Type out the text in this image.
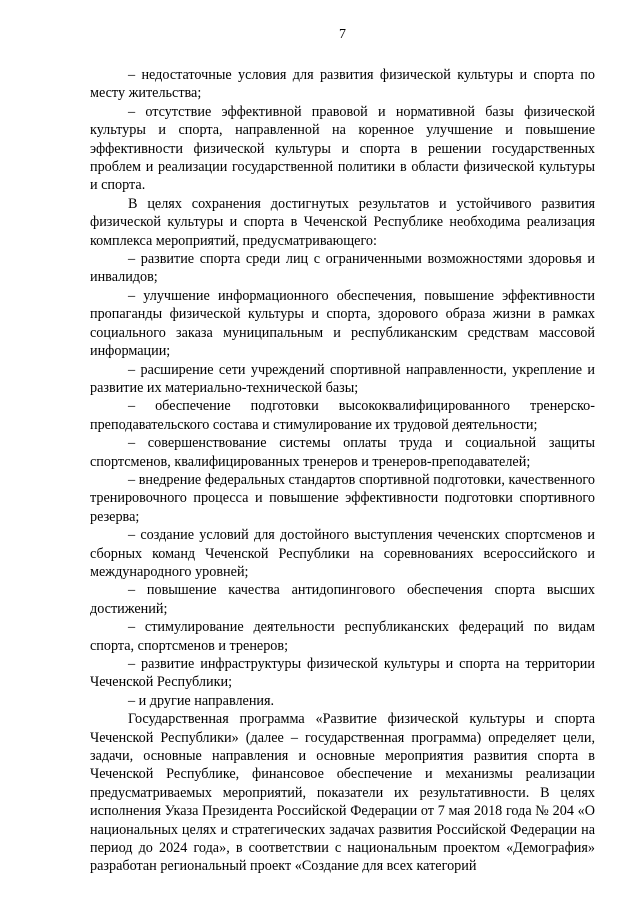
7

– недостаточные условия для развития физической культуры и спорта по месту жительства;

– отсутствие эффективной правовой и нормативной базы физической культуры и спорта, направленной на коренное улучшение и повышение эффективности физической культуры и спорта в решении государственных проблем и реализации государственной политики в области физической культуры и спорта.

В целях сохранения достигнутых результатов и устойчивого развития физической культуры и спорта в Чеченской Республике необходима реализация комплекса мероприятий, предусматривающего:

– развитие спорта среди лиц с ограниченными возможностями здоровья и инвалидов;

– улучшение информационного обеспечения, повышение эффективности пропаганды физической культуры и спорта, здорового образа жизни в рамках социального заказа муниципальным и республиканским средствам массовой информации;

– расширение сети учреждений спортивной направленности, укрепление и развитие их материально-технической базы;

– обеспечение подготовки высококвалифицированного тренерско-преподавательского состава и стимулирование их трудовой деятельности;

– совершенствование системы оплаты труда и социальной защиты спортсменов, квалифицированных тренеров и тренеров-преподавателей;

– внедрение федеральных стандартов спортивной подготовки, качественного тренировочного процесса и повышение эффективности подготовки спортивного резерва;

– создание условий для достойного выступления чеченских спортсменов и сборных команд Чеченской Республики на соревнованиях всероссийского и международного уровней;

– повышение качества антидопингового обеспечения спорта высших достижений;

– стимулирование деятельности республиканских федераций по видам спорта, спортсменов и тренеров;

– развитие инфраструктуры физической культуры и спорта на территории Чеченской Республики;

– и другие направления.

Государственная программа «Развитие физической культуры и спорта Чеченской Республики» (далее – государственная программа) определяет цели, задачи, основные направления и основные мероприятия развития спорта в Чеченской Республике, финансовое обеспечение и механизмы реализации предусматриваемых мероприятий, показатели их результативности. В целях исполнения Указа Президента Российской Федерации от 7 мая 2018 года № 204 «О национальных целях и стратегических задачах развития Российской Федерации на период до 2024 года», в соответствии с национальным проектом «Демография» разработан региональный проект «Создание для всех категорий
